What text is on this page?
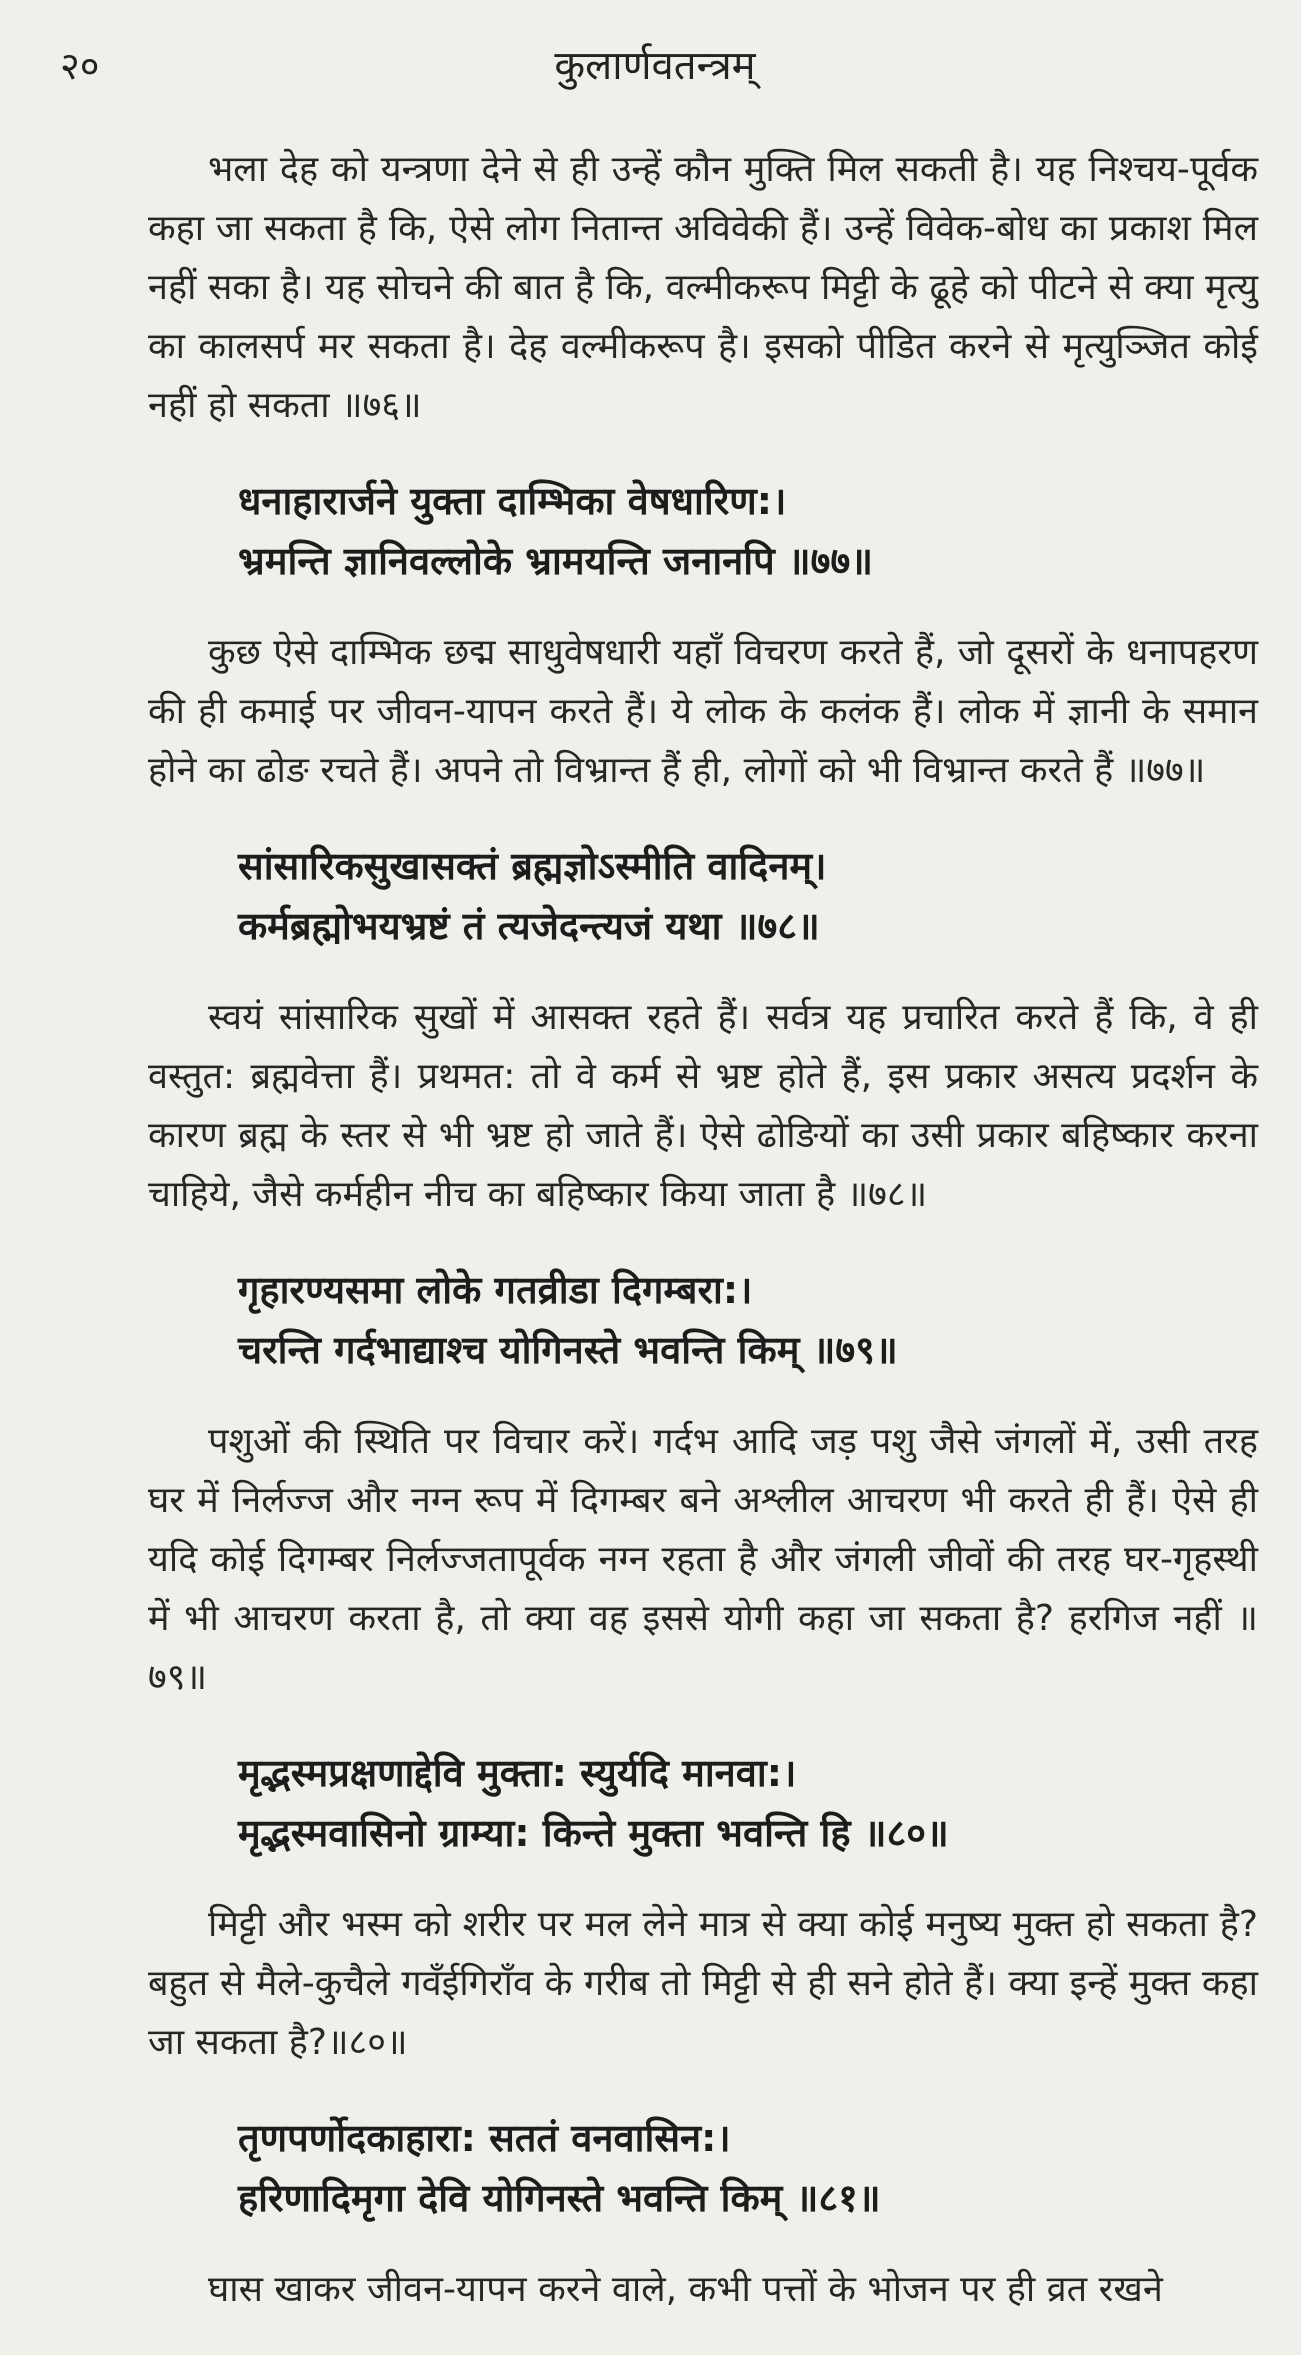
२०	कुलार्णवतन्त्रम्

भला देह को यन्त्रणा देने से ही उन्हें कौन मुक्ति मिल सकती है। यह निश्चय-पूर्वक कहा जा सकता है कि, ऐसे लोग नितान्त अविवेकी हैं। उन्हें विवेक-बोध का प्रकाश मिल नहीं सका है। यह सोचने की बात है कि, वल्मीकरूप मिट्टी के ढूहे को पीटने से क्या मृत्यु का कालसर्प मर सकता है। देह वल्मीकरूप है। इसको पीडित करने से मृत्युञ्जित कोई नहीं हो सकता ॥७६॥

धनाहारार्जने युक्ता दाम्भिका वेषधारिण:।
भ्रमन्ति ज्ञानिवल्लोके भ्रामयन्ति जनानपि ॥७७॥

कुछ ऐसे दाम्भिक छद्म साधुवेषधारी यहाँ विचरण करते हैं, जो दूसरों के धनापहरण की ही कमाई पर जीवन-यापन करते हैं। ये लोक के कलंक हैं। लोक में ज्ञानी के समान होने का ढोङ रचते हैं। अपने तो विभ्रान्त हैं ही, लोगों को भी विभ्रान्त करते हैं ॥७७॥

सांसारिकसुखासक्तं ब्रह्मज्ञोऽस्मीति वादिनम्।
कर्मब्रह्मोभयभ्रष्टं तं त्यजेदन्त्यजं यथा ॥७८॥

स्वयं सांसारिक सुखों में आसक्त रहते हैं। सर्वत्र यह प्रचारित करते हैं कि, वे ही वस्तुत: ब्रह्मवेत्ता हैं। प्रथमत: तो वे कर्म से भ्रष्ट होते हैं, इस प्रकार असत्य प्रदर्शन के कारण ब्रह्म के स्तर से भी भ्रष्ट हो जाते हैं। ऐसे ढोङियों का उसी प्रकार बहिष्कार करना चाहिये, जैसे कर्महीन नीच का बहिष्कार किया जाता है ॥७८॥

गृहारण्यसमा लोके गतव्रीडा दिगम्बरा:।
चरन्ति गर्दभाद्याश्च योगिनस्ते भवन्ति किम् ॥७९॥

पशुओं की स्थिति पर विचार करें। गर्दभ आदि जड़ पशु जैसे जंगलों में, उसी तरह घर में निर्लज्ज और नग्न रूप में दिगम्बर बने अश्लील आचरण भी करते ही हैं। ऐसे ही यदि कोई दिगम्बर निर्लज्जतापूर्वक नग्न रहता है और जंगली जीवों की तरह घर-गृहस्थी में भी आचरण करता है, तो क्या वह इससे योगी कहा जा सकता है? हरगिज नहीं ॥७९॥

मृद्भस्मप्रक्षणाद्देवि मुक्ता: स्युर्यदि मानवा:।
मृद्भस्मवासिनो ग्राम्या: किन्ते मुक्ता भवन्ति हि ॥८०॥

मिट्टी और भस्म को शरीर पर मल लेने मात्र से क्या कोई मनुष्य मुक्त हो सकता है? बहुत से मैले-कुचैले गवँईगिराँव के गरीब तो मिट्टी से ही सने होते हैं। क्या इन्हें मुक्त कहा जा सकता है?॥८०॥

तृणपर्णोदकाहारा: सततं वनवासिन:।
हरिणादिमृगा देवि योगिनस्ते भवन्ति किम् ॥८१॥

घास खाकर जीवन-यापन करने वाले, कभी पत्तों के भोजन पर ही व्रत रखने
